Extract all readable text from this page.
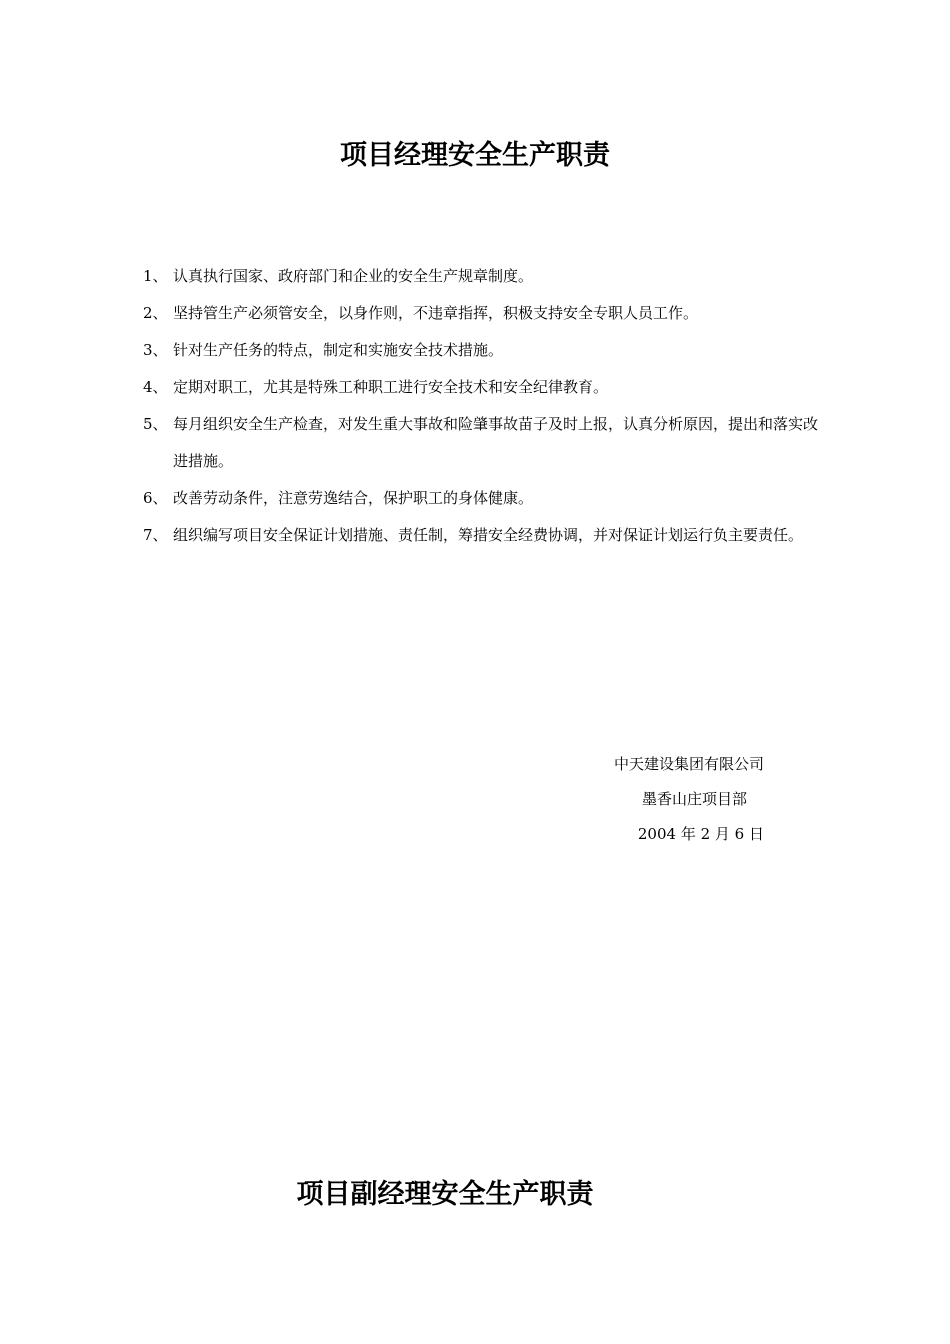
项目经理安全生产职责
1、 认真执行国家、政府部门和企业的安全生产规章制度。
2、 坚持管生产必须管安全，以身作则，不违章指挥，积极支持安全专职人员工作。
3、 针对生产任务的特点，制定和实施安全技术措施。
4、 定期对职工，尤其是特殊工种职工进行安全技术和安全纪律教育。
5、 每月组织安全生产检查，对发生重大事故和险肇事故苗子及时上报，认真分析原因，提出和落实改进措施。
6、 改善劳动条件，注意劳逸结合，保护职工的身体健康。
7、 组织编写项目安全保证计划措施、责任制，筹措安全经费协调，并对保证计划运行负主要责任。
中天建设集团有限公司
墨香山庄项目部
2004 年 2 月 6 日
项目副经理安全生产职责
